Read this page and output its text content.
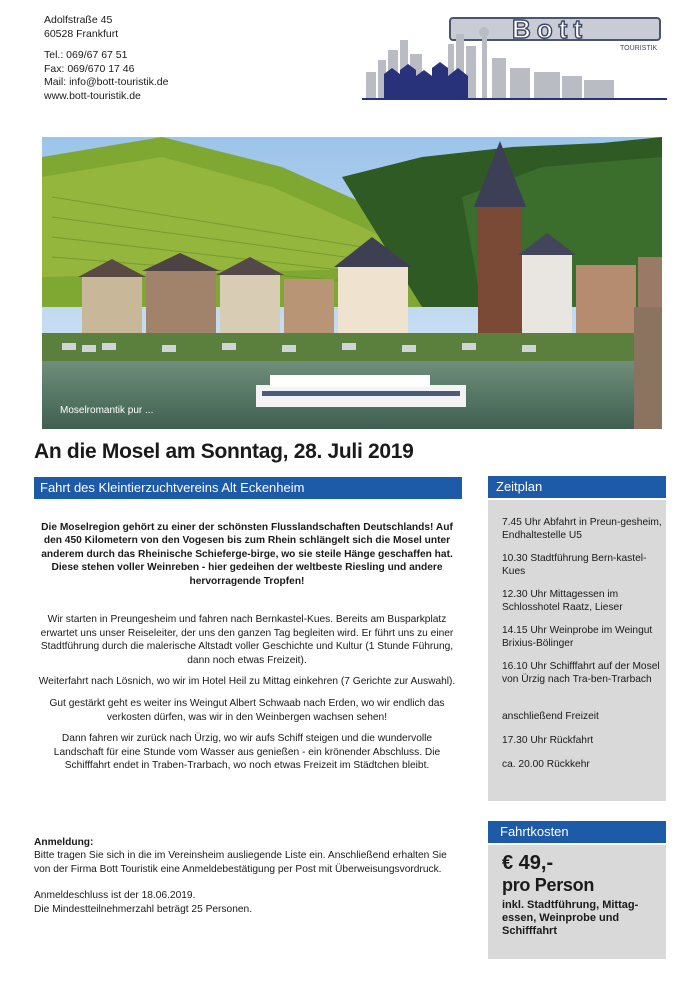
Adolfstraße 45
60528 Frankfurt
Tel.: 069/67 67 51
Fax: 069/670 17 46
Mail: info@bott-touristik.de
www.bott-touristik.de
Bott
TOURISTIK
Moselromantik pur ...
An die Mosel am Sonntag, 28. Juli 2019
Fahrt des Kleintierzuchtvereins Alt Eckenheim
Die Moselregion gehört zu einer der schönsten Flusslandschaften Deutschlands! Auf den 450 Kilometern von den Vogesen bis zum Rhein schlängelt sich die Mosel unter anderem durch das Rheinische Schieferge-birge, wo sie steile Hänge geschaffen hat. Diese stehen voller Weinreben - hier gedeihen der weltbeste Riesling und andere hervorragende Tropfen!

Wir starten in Preungesheim und fahren nach Bernkastel-Kues. Bereits am Busparkplatz erwartet uns unser Reiseleiter, der uns den ganzen Tag begleiten wird. Er führt uns zu einer Stadtführung durch die malerische Altstadt voller Geschichte und Kultur (1 Stunde Führung, dann noch etwas Freizeit).

Weiterfahrt nach Lösnich, wo wir im Hotel Heil zu Mittag einkehren (7 Gerichte zur Auswahl).

Gut gestärkt geht es weiter ins Weingut Albert Schwaab nach Erden, wo wir endlich das verkosten dürfen, was wir in den Weinbergen wachsen sehen!

Dann fahren wir zurück nach Ürzig, wo wir aufs Schiff steigen und die wundervolle Landschaft für eine Stunde vom Wasser aus genießen - ein krönender Abschluss. Die Schifffahrt endet in Traben-Trarbach, wo noch etwas Freizeit im Städtchen bleibt.

Anmeldung:
Bitte tragen Sie sich in die im Vereinsheim ausliegende Liste ein. Anschließend erhalten Sie von der Firma Bott Touristik eine Anmeldebestätigung per Post mit Überweisungsvordruck.
Anmeldeschluss ist der 18.06.2019.
Die Mindestteilnehmerzahl beträgt 25 Personen.
Zeitplan
7.45 Uhr Abfahrt in Preun-gesheim, Endhaltestelle U5
10.30 Stadtführung Bern-kastel-Kues
12.30 Uhr Mittagessen im Schlosshotel Raatz, Lieser
14.15 Uhr Weinprobe im Weingut Brixius-Bölinger
16.10 Uhr Schifffahrt auf der Mosel von Ürzig nach Tra-ben-Trarbach
anschließend Freizeit
17.30 Uhr Rückfahrt
ca. 20.00 Rückkehr
Fahrtkosten
€ 49,-
pro Person
inkl. Stadtführung, Mittag-essen, Weinprobe und Schifffahrt
